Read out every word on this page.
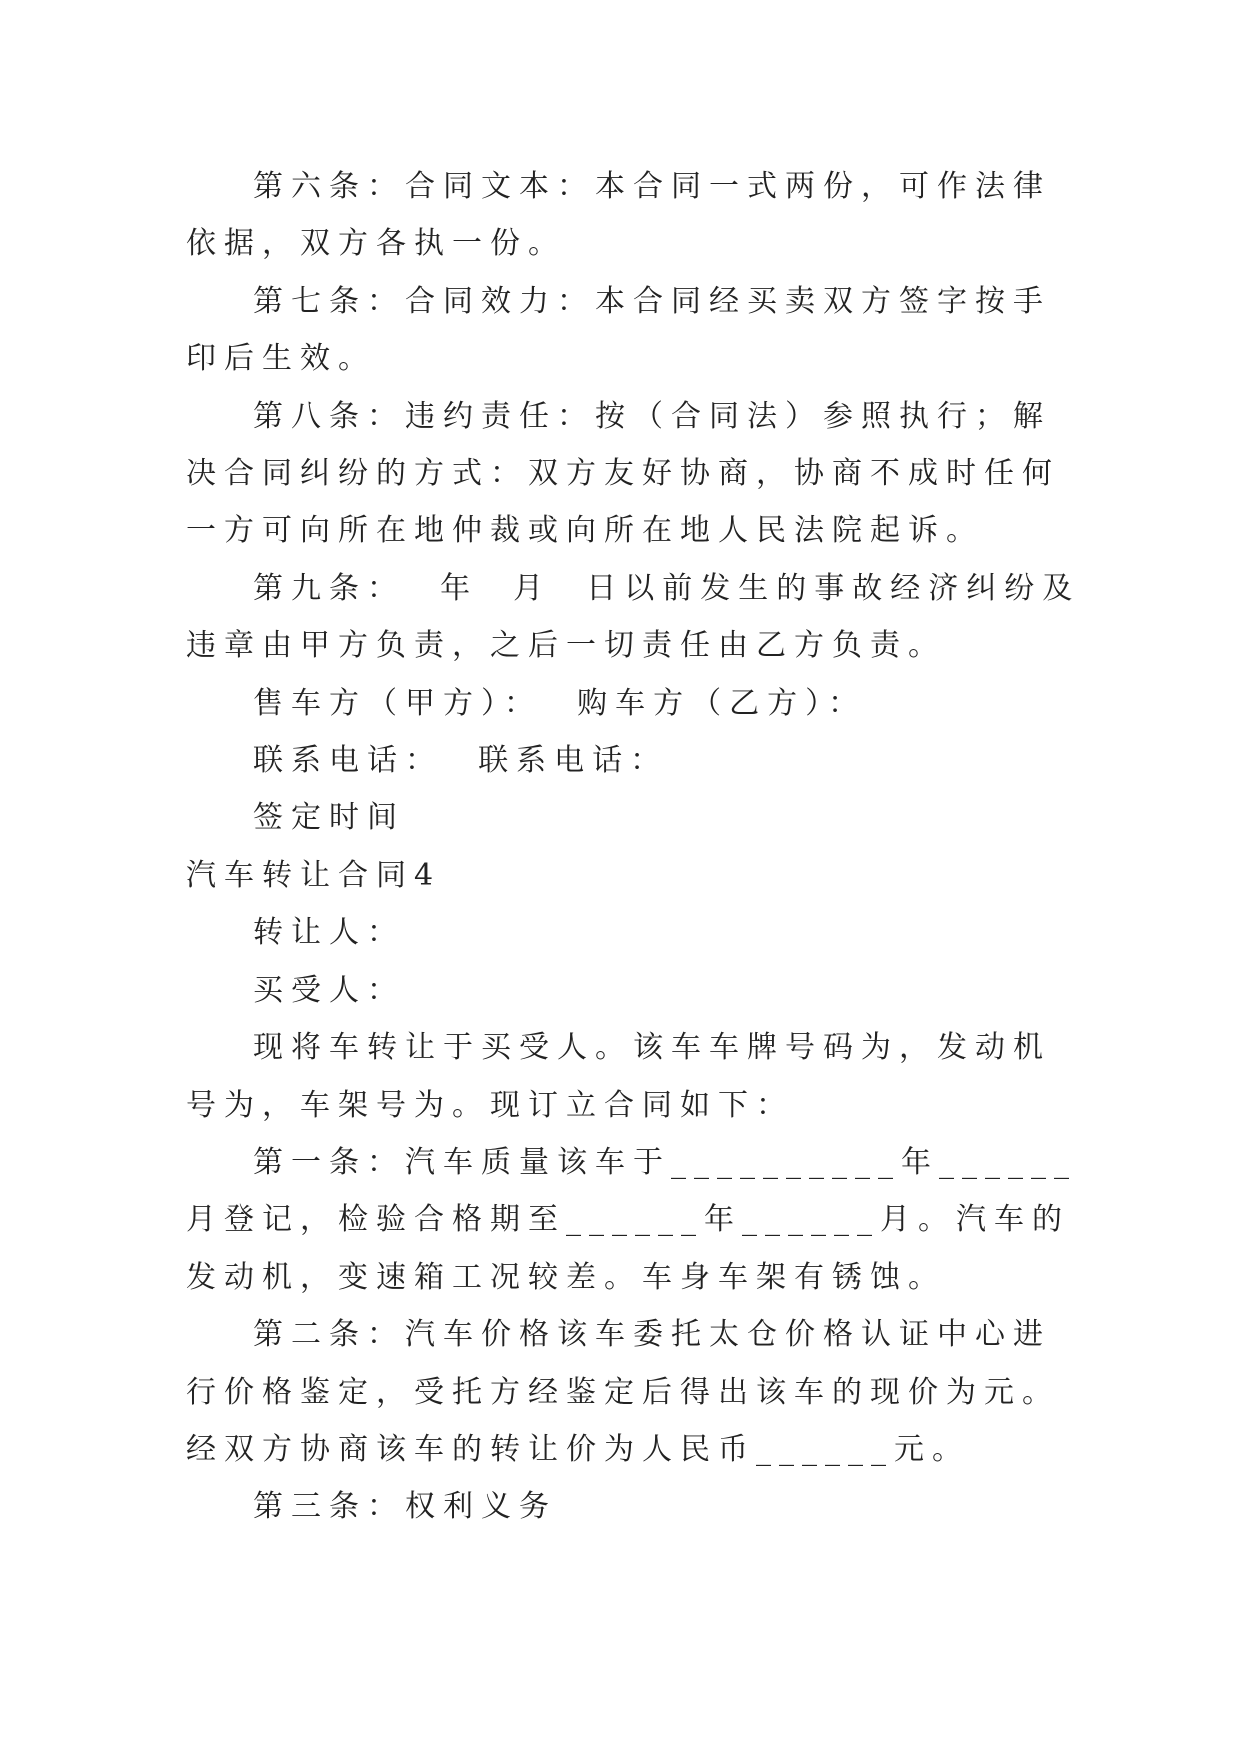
第六条：合同文本：本合同一式两份，可作法律依据，双方各执一份。

第七条：合同效力：本合同经买卖双方签字按手印后生效。

第八条：违约责任：按（合同法）参照执行；解决合同纠纷的方式：双方友好协商，协商不成时任何一方可向所在地仲裁或向所在地人民法院起诉。

第九条：  年  月  日以前发生的事故经济纠纷及违章由甲方负责，之后一切责任由乙方负责。

售车方（甲方）：  购车方（乙方）：

联系电话：  联系电话：

签定时间

汽车转让合同4

转让人：

买受人：

现将车转让于买受人。该车车牌号码为，发动机号为，车架号为。现订立合同如下：

第一条：汽车质量该车于__________年______月登记，检验合格期至______年______月。汽车的发动机，变速箱工况较差。车身车架有锈蚀。

第二条：汽车价格该车委托太仓价格认证中心进行价格鉴定，受托方经鉴定后得出该车的现价为元。经双方协商该车的转让价为人民币______元。

第三条：权利义务
